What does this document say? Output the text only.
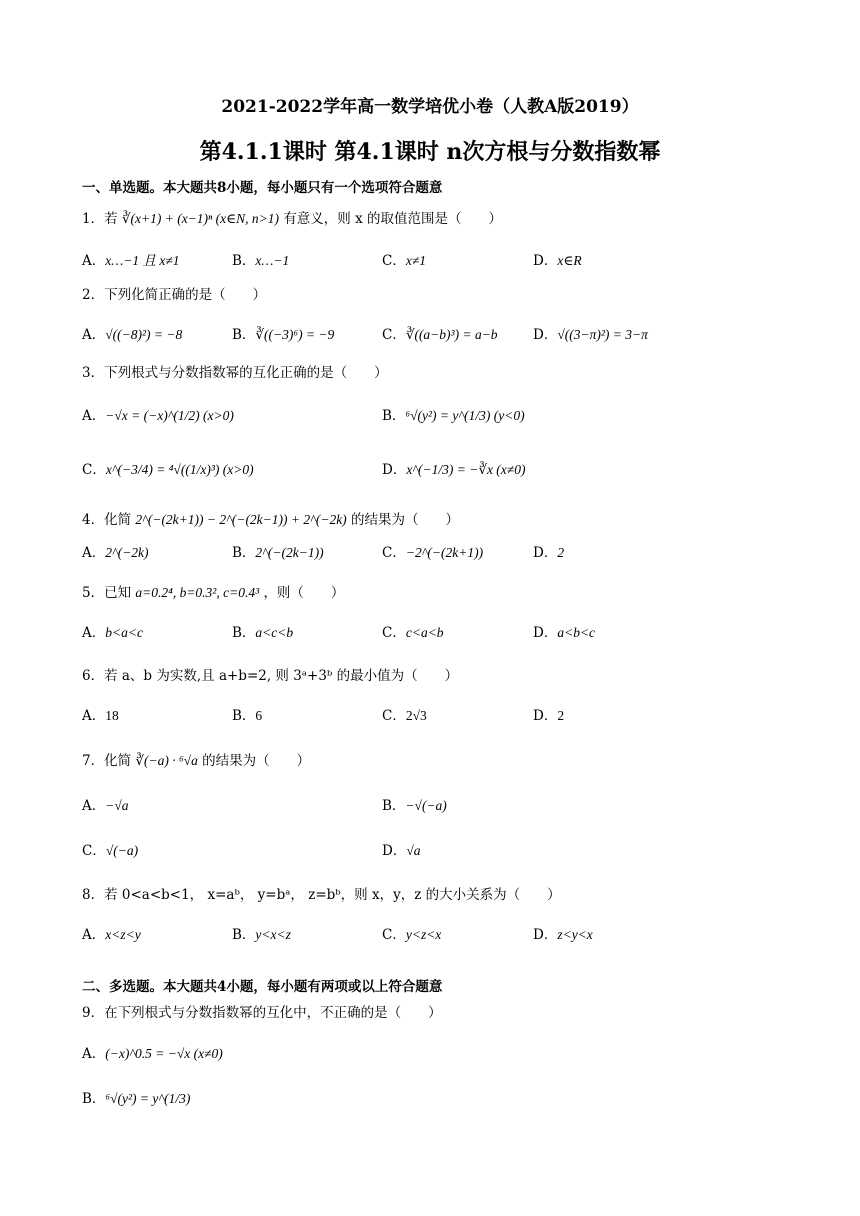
2021-2022学年高一数学培优小卷（人教A版2019）
第4.1.1课时 第4.1课时 n次方根与分数指数幂
一、单选题。本大题共8小题，每小题只有一个选项符合题意
1．若 ∛(x+1) + (x−1)ⁿ (x∈N, n>1) 有意义，则 x 的取值范围是（　　）
A．x…−1 且 x≠1	B．x…−1	C．x≠1	D．x∈R
2．下列化简正确的是（　　）
A．√((−8)²) = −8	B．∛((−3)⁶) = −9	C．∛((a−b)³) = a−b	D．√((3−π)²) = 3−π
3．下列根式与分数指数幂的互化正确的是（　　）
A．−√x = (−x)^(1/2) (x>0)	B．⁶√(y²) = y^(1/3) (y<0)
C．x^(−3/4) = ⁴√((1/x)³) (x>0)	D．x^(−1/3) = −∛x (x≠0)
4．化简 2^(−(2k+1)) − 2^(−(2k−1)) + 2^(−2k) 的结果为（　　）
A．2^(−2k)	B．2^(−(2k−1))	C．−2^(−(2k+1))	D．2
5．已知 a=0.2⁴, b=0.3², c=0.4³ ，则（　　）
A．b<a<c	B．a<c<b	C．c<a<b	D．a<b<c
6．若 a、b 为实数,且 a+b=2, 则 3ᵃ+3ᵇ 的最小值为（　　）
A．18	B．6	C．2√3	D．2
7．化简 ∛(−a) · ⁶√a 的结果为（　　）
A．−√a	B．−√(−a)
C．√(−a)	D．√a
8．若 0<a<b<1， x=aᵇ， y=bᵃ， z=bᵇ，则 x，y，z 的大小关系为（　　）
A．x<z<y	B．y<x<z	C．y<z<x	D．z<y<x
二、多选题。本大题共4小题，每小题有两项或以上符合题意
9．在下列根式与分数指数幂的互化中，不正确的是（　　）
A．(−x)^0.5 = −√x (x≠0)
B．⁶√(y²) = y^(1/3)
